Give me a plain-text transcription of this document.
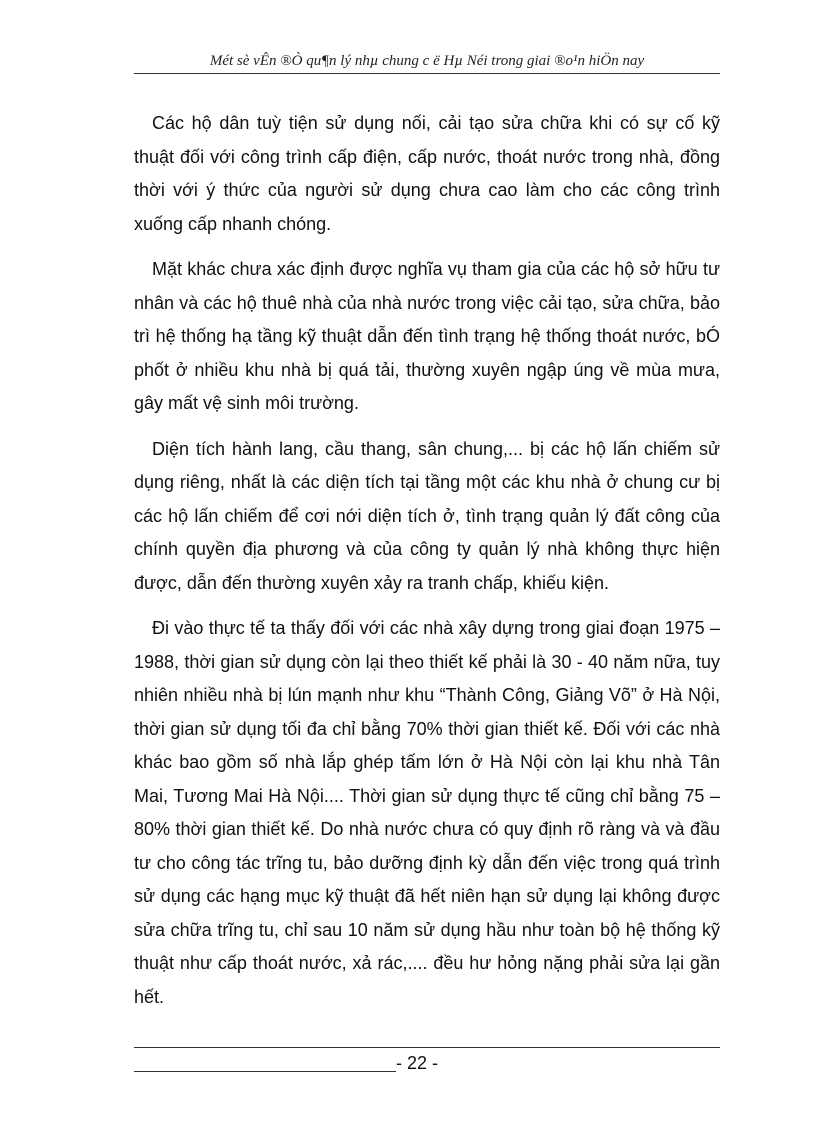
Mét sè vÊn ®Ò qu¶n lý nhµ chung c ë Hµ Néi trong giai ®o¹n hiÖn nay

Các hộ dân tuỳ tiện sử dụng nối, cải tạo sửa chữa khi có sự cố kỹ thuật đối với công trình cấp điện, cấp nước, thoát nước trong nhà, đồng thời với ý thức của người sử dụng chưa cao làm cho các công trình xuống cấp nhanh chóng.

Mặt khác chưa xác định được nghĩa vụ tham gia của các hộ sở hữu tư nhân và các hộ thuê nhà của nhà nước trong việc cải tạo, sửa chữa, bảo trì hệ thống hạ tầng kỹ thuật dẫn đến tình trạng hệ thống thoát nước, bÓ phốt ở nhiều khu nhà bị quá tải, thường xuyên ngập úng về mùa mưa, gây mất vệ sinh môi trường.

Diện tích hành lang, cầu thang, sân chung,... bị các hộ lấn chiếm sử dụng riêng, nhất là các diện tích tại tầng một các khu nhà ở chung cư bị các hộ lấn chiếm để cơi nới diện tích ở, tình trạng quản lý đất công của chính quyền địa phương và của công ty quản lý nhà không thực hiện được, dẫn đến thường xuyên xảy ra tranh chấp, khiếu kiện.

Đi vào thực tế ta thấy đối với các nhà xây dựng trong giai đoạn 1975 – 1988, thời gian sử dụng còn lại theo thiết kế phải là 30 - 40 năm nữa, tuy nhiên nhiều nhà bị lún mạnh như khu “Thành Công, Giảng Võ” ở Hà Nội, thời gian sử dụng tối đa chỉ bằng 70% thời gian thiết kế. Đối với các nhà khác bao gồm số nhà lắp ghép tấm lớn ở Hà Nội còn lại khu nhà Tân Mai, Tương Mai Hà Nội.... Thời gian sử dụng thực tế cũng chỉ bằng 75 – 80% thời gian thiết kế. Do nhà nước chưa có quy định rõ ràng và và đầu tư cho công tác trĩng tu, bảo dưỡng định kỳ dẫn đến việc trong quá trình sử dụng các hạng mục kỹ thuật đã hết niên hạn sử dụng lại không được sửa chữa trĩng tu, chỉ sau 10 năm sử dụng hầu như toàn bộ hệ thống kỹ thuật như cấp thoát nước, xả rác,.... đều hư hỏng nặng phải sửa lại gần hết.

- 22 -
